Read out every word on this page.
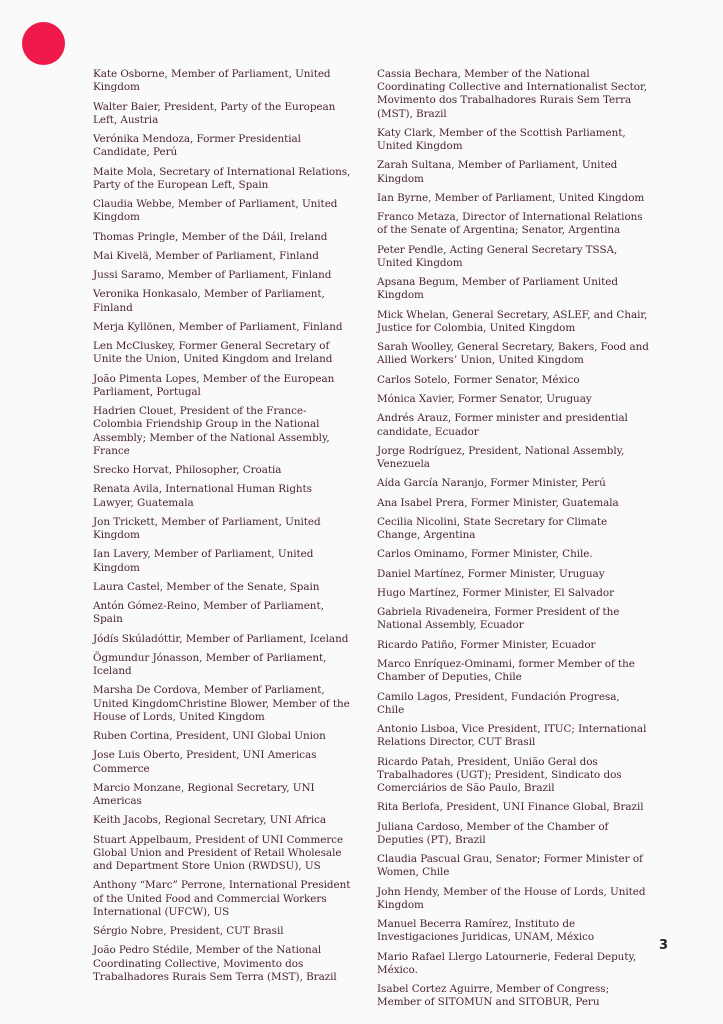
Kate Osborne, Member of Parliament, United Kingdom
Walter Baier, President, Party of the European Left, Austria
Verónika Mendoza, Former Presidential Candidate, Perú
Maite Mola, Secretary of International Relations, Party of the European Left, Spain
Claudia Webbe, Member of Parliament, United Kingdom
Thomas Pringle, Member of the Dáil, Ireland
Mai Kivelä, Member of Parliament, Finland
Jussi Saramo, Member of Parliament, Finland
Veronika Honkasalo, Member of Parliament, Finland
Merja Kyllönen, Member of Parliament, Finland
Len McCluskey, Former General Secretary of Unite the Union, United Kingdom and Ireland
João Pimenta Lopes, Member of the European Parliament, Portugal
Hadrien Clouet, President of the France-Colombia Friendship Group in the National Assembly; Member of the National Assembly, France
Srecko Horvat, Philosopher, Croatia
Renata Avila, International Human Rights Lawyer, Guatemala
Jon Trickett, Member of Parliament, United Kingdom
Ian Lavery, Member of Parliament, United Kingdom
Laura Castel, Member of the Senate, Spain
Antón Gómez-Reino, Member of Parliament, Spain
Jódís Skúladóttir, Member of Parliament, Iceland
Ögmundur Jónasson, Member of Parliament, Iceland
Marsha De Cordova, Member of Parliament, United KingdomChristine Blower, Member of the House of Lords, United Kingdom
Ruben Cortina, President, UNI Global Union
Jose Luis Oberto, President, UNI Americas Commerce
Marcio Monzane, Regional Secretary, UNI Americas
Keith Jacobs, Regional Secretary, UNI Africa
Stuart Appelbaum, President of UNI Commerce Global Union and President of Retail Wholesale and Department Store Union (RWDSU), US
Anthony “Marc” Perrone, International President of the United Food and Commercial Workers International (UFCW), US
Sérgio Nobre, President, CUT Brasil
João Pedro Stédile, Member of the National Coordinating Collective, Movimento dos Trabalhadores Rurais Sem Terra (MST), Brazil
Cassia Bechara, Member of the National Coordinating Collective and Internationalist Sector, Movimento dos Trabalhadores Rurais Sem Terra (MST), Brazil
Katy Clark, Member of the Scottish Parliament, United Kingdom
Zarah Sultana, Member of Parliament, United Kingdom
Ian Byrne, Member of Parliament, United Kingdom
Franco Metaza, Director of International Relations of the Senate of Argentina; Senator, Argentina
Peter Pendle, Acting General Secretary TSSA, United Kingdom
Apsana Begum, Member of Parliament United Kingdom
Mick Whelan, General Secretary, ASLEF, and Chair, Justice for Colombia, United Kingdom
Sarah Woolley, General Secretary, Bakers, Food and Allied Workers’ Union, United Kingdom
Carlos Sotelo, Former Senator, México
Mónica Xavier, Former Senator, Uruguay
Andrés Arauz, Former minister and presidential candidate, Ecuador
Jorge Rodríguez, President, National Assembly, Venezuela
Aída García Naranjo, Former Minister, Perú
Ana Isabel Prera, Former Minister, Guatemala
Cecilia Nicolini, State Secretary for Climate Change, Argentina
Carlos Ominamo, Former Minister, Chile.
Daniel Martínez, Former Minister, Uruguay
Hugo Martínez, Former Minister, El Salvador
Gabriela Rivadeneira, Former President of the National Assembly, Ecuador
Ricardo Patiño, Former Minister, Ecuador
Marco Enríquez-Ominami, former Member of the Chamber of Deputies, Chile
Camilo Lagos, President, Fundación Progresa, Chile
Antonio Lisboa, Vice President, ITUC; International Relations Director, CUT Brasil
Ricardo Patah, President, União Geral dos Trabalhadores (UGT); President, Sindicato dos Comerciários de São Paulo, Brazil
Rita Berlofa, President, UNI Finance Global, Brazil
Juliana Cardoso, Member of the Chamber of Deputies (PT), Brazil
Claudia Pascual Grau, Senator; Former Minister of Women, Chile
John Hendy, Member of the House of Lords, United Kingdom
Manuel Becerra Ramírez, Instituto de Investigaciones Juridicas, UNAM, México
Mario Rafael Llergo Latournerie, Federal Deputy, México.
Isabel Cortez Aguirre, Member of Congress; Member of SITOMUN and SITOBUR, Peru
3
